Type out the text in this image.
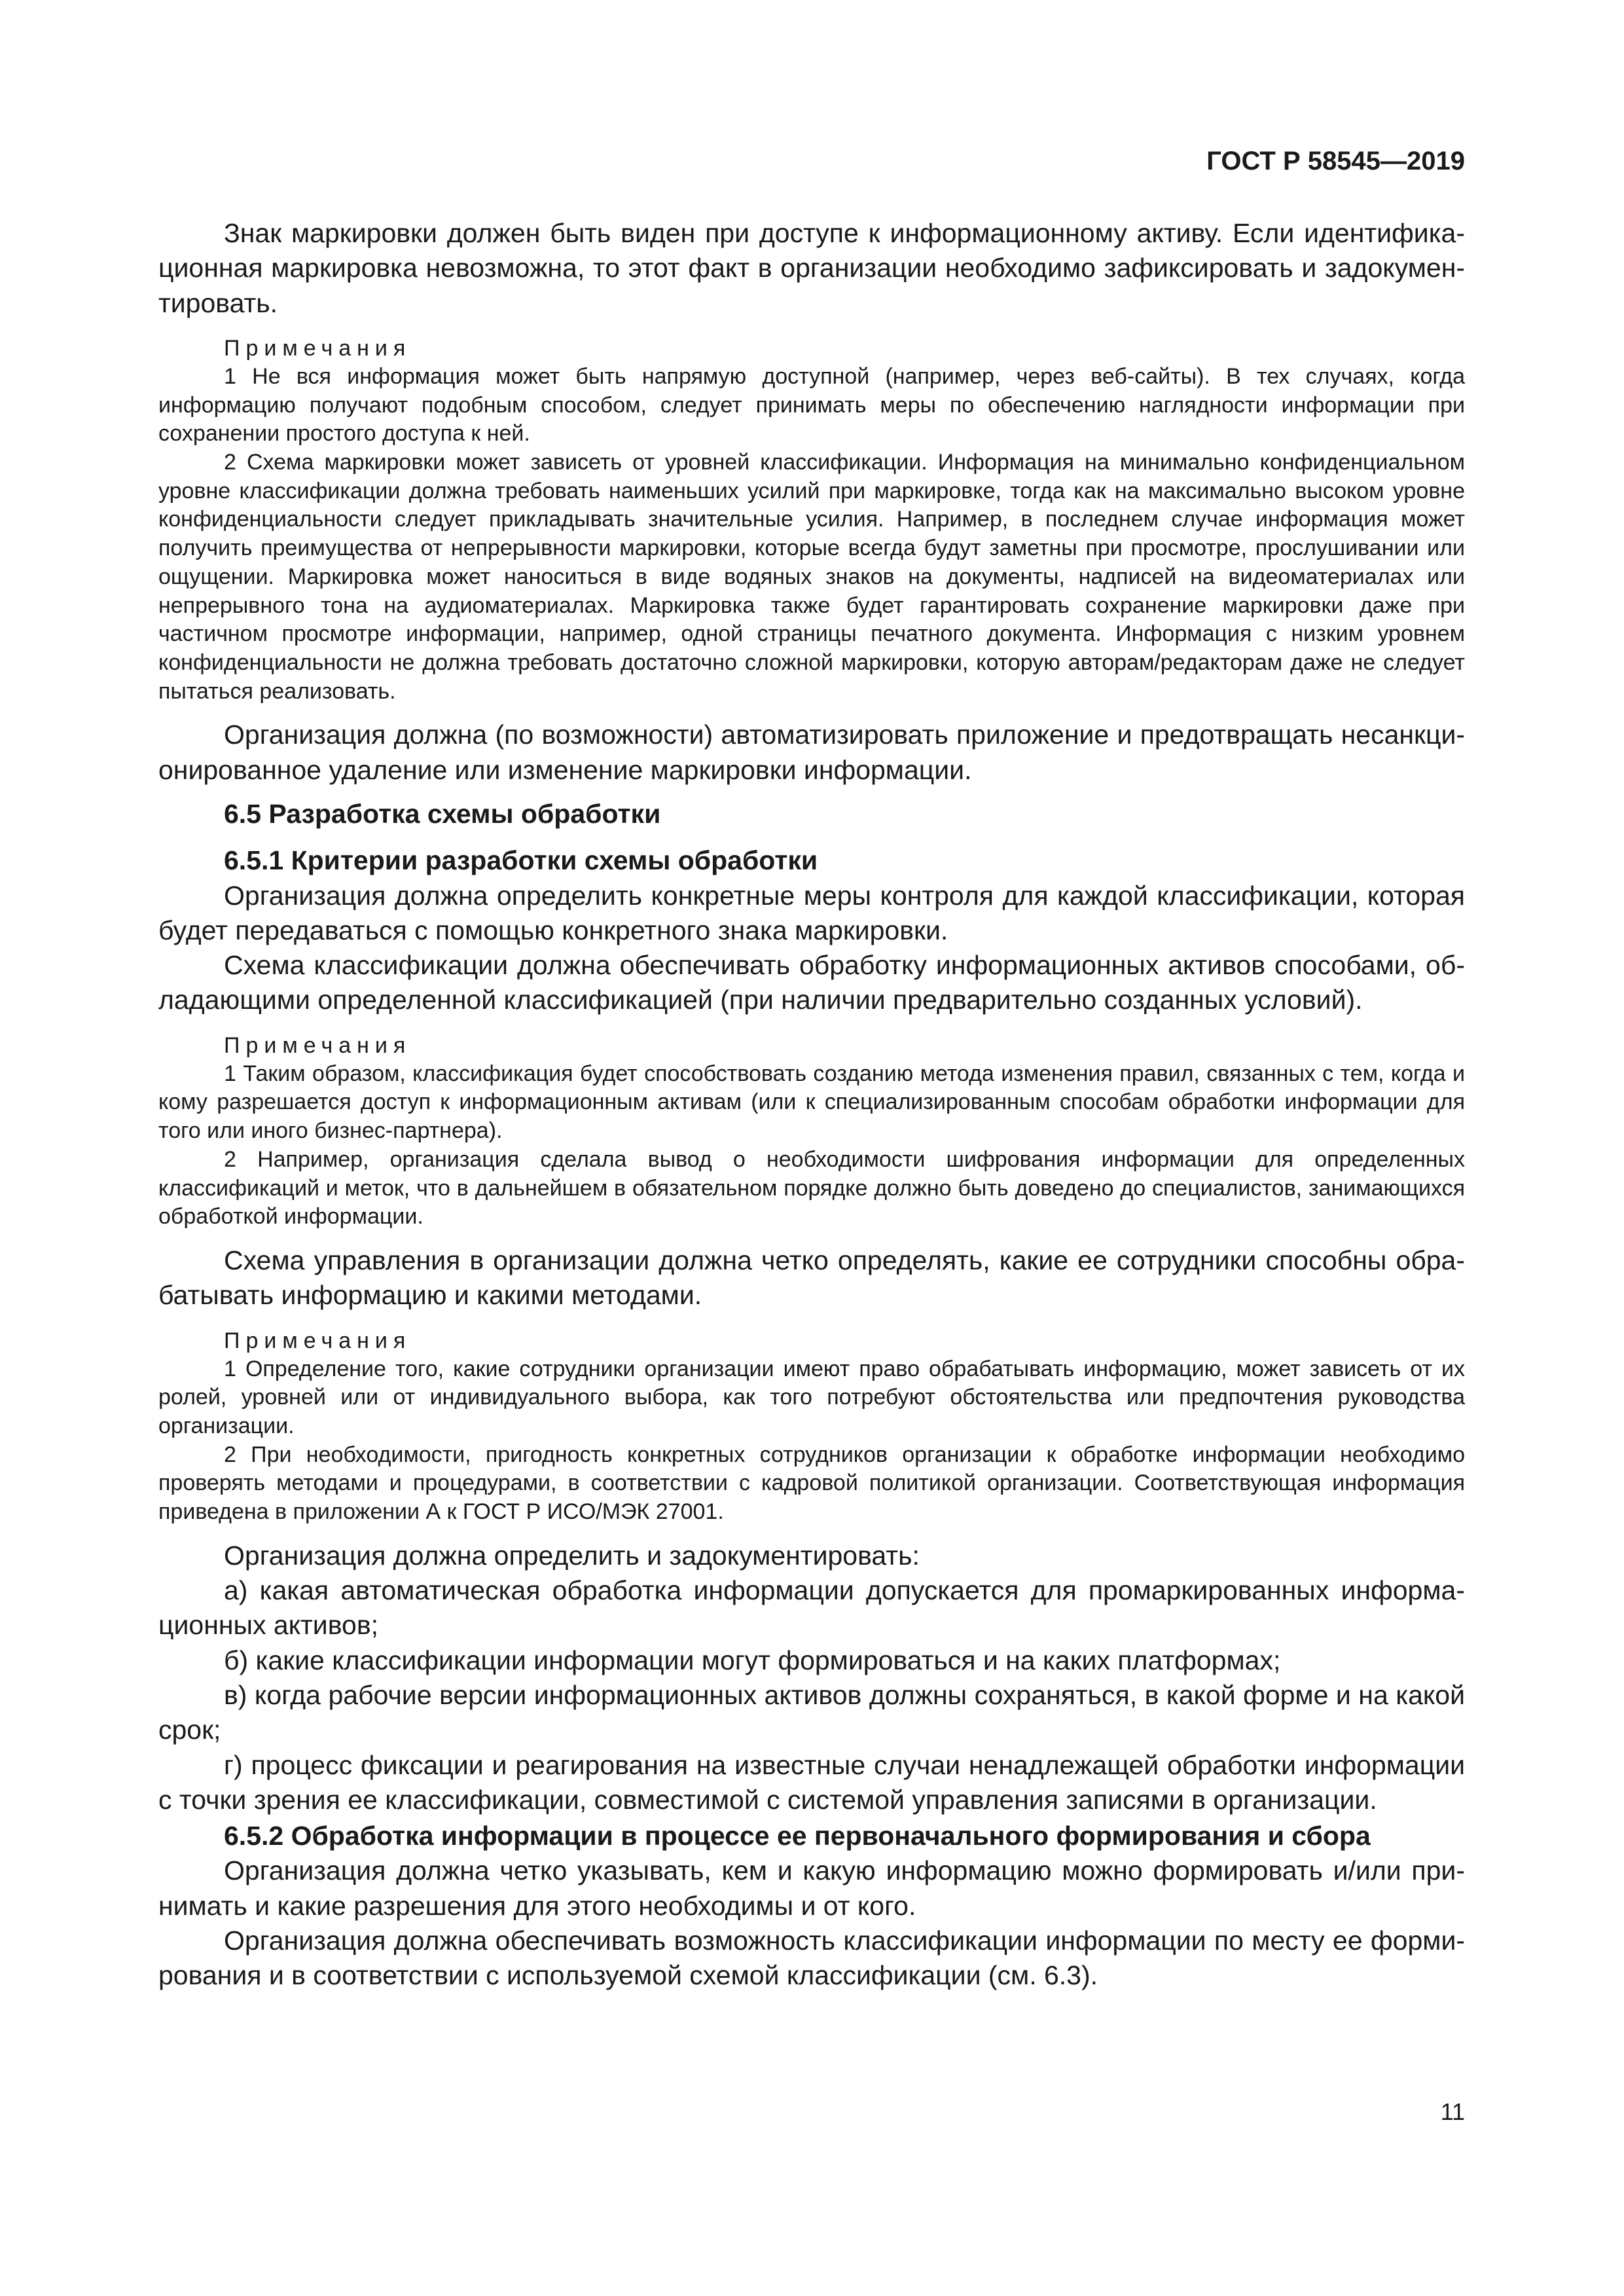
ГОСТ Р 58545—2019

Знак маркировки должен быть виден при доступе к информационному активу. Если идентификационная маркировка невозможна, то этот факт в организации необходимо зафиксировать и задокументировать.

Примечания

1 Не вся информация может быть напрямую доступной (например, через веб-сайты). В тех случаях, когда информацию получают подобным способом, следует принимать меры по обеспечению наглядности информации при сохранении простого доступа к ней.

2 Схема маркировки может зависеть от уровней классификации. Информация на минимально конфиденциальном уровне классификации должна требовать наименьших усилий при маркировке, тогда как на максимально высоком уровне конфиденциальности следует прикладывать значительные усилия. Например, в последнем случае информация может получить преимущества от непрерывности маркировки, которые всегда будут заметны при просмотре, прослушивании или ощущении. Маркировка может наноситься в виде водяных знаков на документы, надписей на видеоматериалах или непрерывного тона на аудиоматериалах. Маркировка также будет гарантировать сохранение маркировки даже при частичном просмотре информации, например, одной страницы печатного документа. Информация с низким уровнем конфиденциальности не должна требовать достаточно сложной маркировки, которую авторам/редакторам даже не следует пытаться реализовать.

Организация должна (по возможности) автоматизировать приложение и предотвращать несанкционированное удаление или изменение маркировки информации.

6.5 Разработка схемы обработки
6.5.1 Критерии разработки схемы обработки

Организация должна определить конкретные меры контроля для каждой классификации, которая будет передаваться с помощью конкретного знака маркировки.

Схема классификации должна обеспечивать обработку информационных активов способами, обладающими определенной классификацией (при наличии предварительно созданных условий).

Примечания

1 Таким образом, классификация будет способствовать созданию метода изменения правил, связанных с тем, когда и кому разрешается доступ к информационным активам (или к специализированным способам обработки информации для того или иного бизнес-партнера).

2 Например, организация сделала вывод о необходимости шифрования информации для определенных классификаций и меток, что в дальнейшем в обязательном порядке должно быть доведено до специалистов, занимающихся обработкой информации.

Схема управления в организации должна четко определять, какие ее сотрудники способны обрабатывать информацию и какими методами.

Примечания

1 Определение того, какие сотрудники организации имеют право обрабатывать информацию, может зависеть от их ролей, уровней или от индивидуального выбора, как того потребуют обстоятельства или предпочтения руководства организации.

2 При необходимости, пригодность конкретных сотрудников организации к обработке информации необходимо проверять методами и процедурами, в соответствии с кадровой политикой организации. Соответствующая информация приведена в приложении А к ГОСТ Р ИСО/МЭК 27001.

Организация должна определить и задокументировать:

а) какая автоматическая обработка информации допускается для промаркированных информационных активов;

б) какие классификации информации могут формироваться и на каких платформах;

в) когда рабочие версии информационных активов должны сохраняться, в какой форме и на какой срок;

г) процесс фиксации и реагирования на известные случаи ненадлежащей обработки информации с точки зрения ее классификации, совместимой с системой управления записями в организации.

6.5.2 Обработка информации в процессе ее первоначального формирования и сбора

Организация должна четко указывать, кем и какую информацию можно формировать и/или принимать и какие разрешения для этого необходимы и от кого.

Организация должна обеспечивать возможность классификации информации по месту ее формирования и в соответствии с используемой схемой классификации (см. 6.3).

11
